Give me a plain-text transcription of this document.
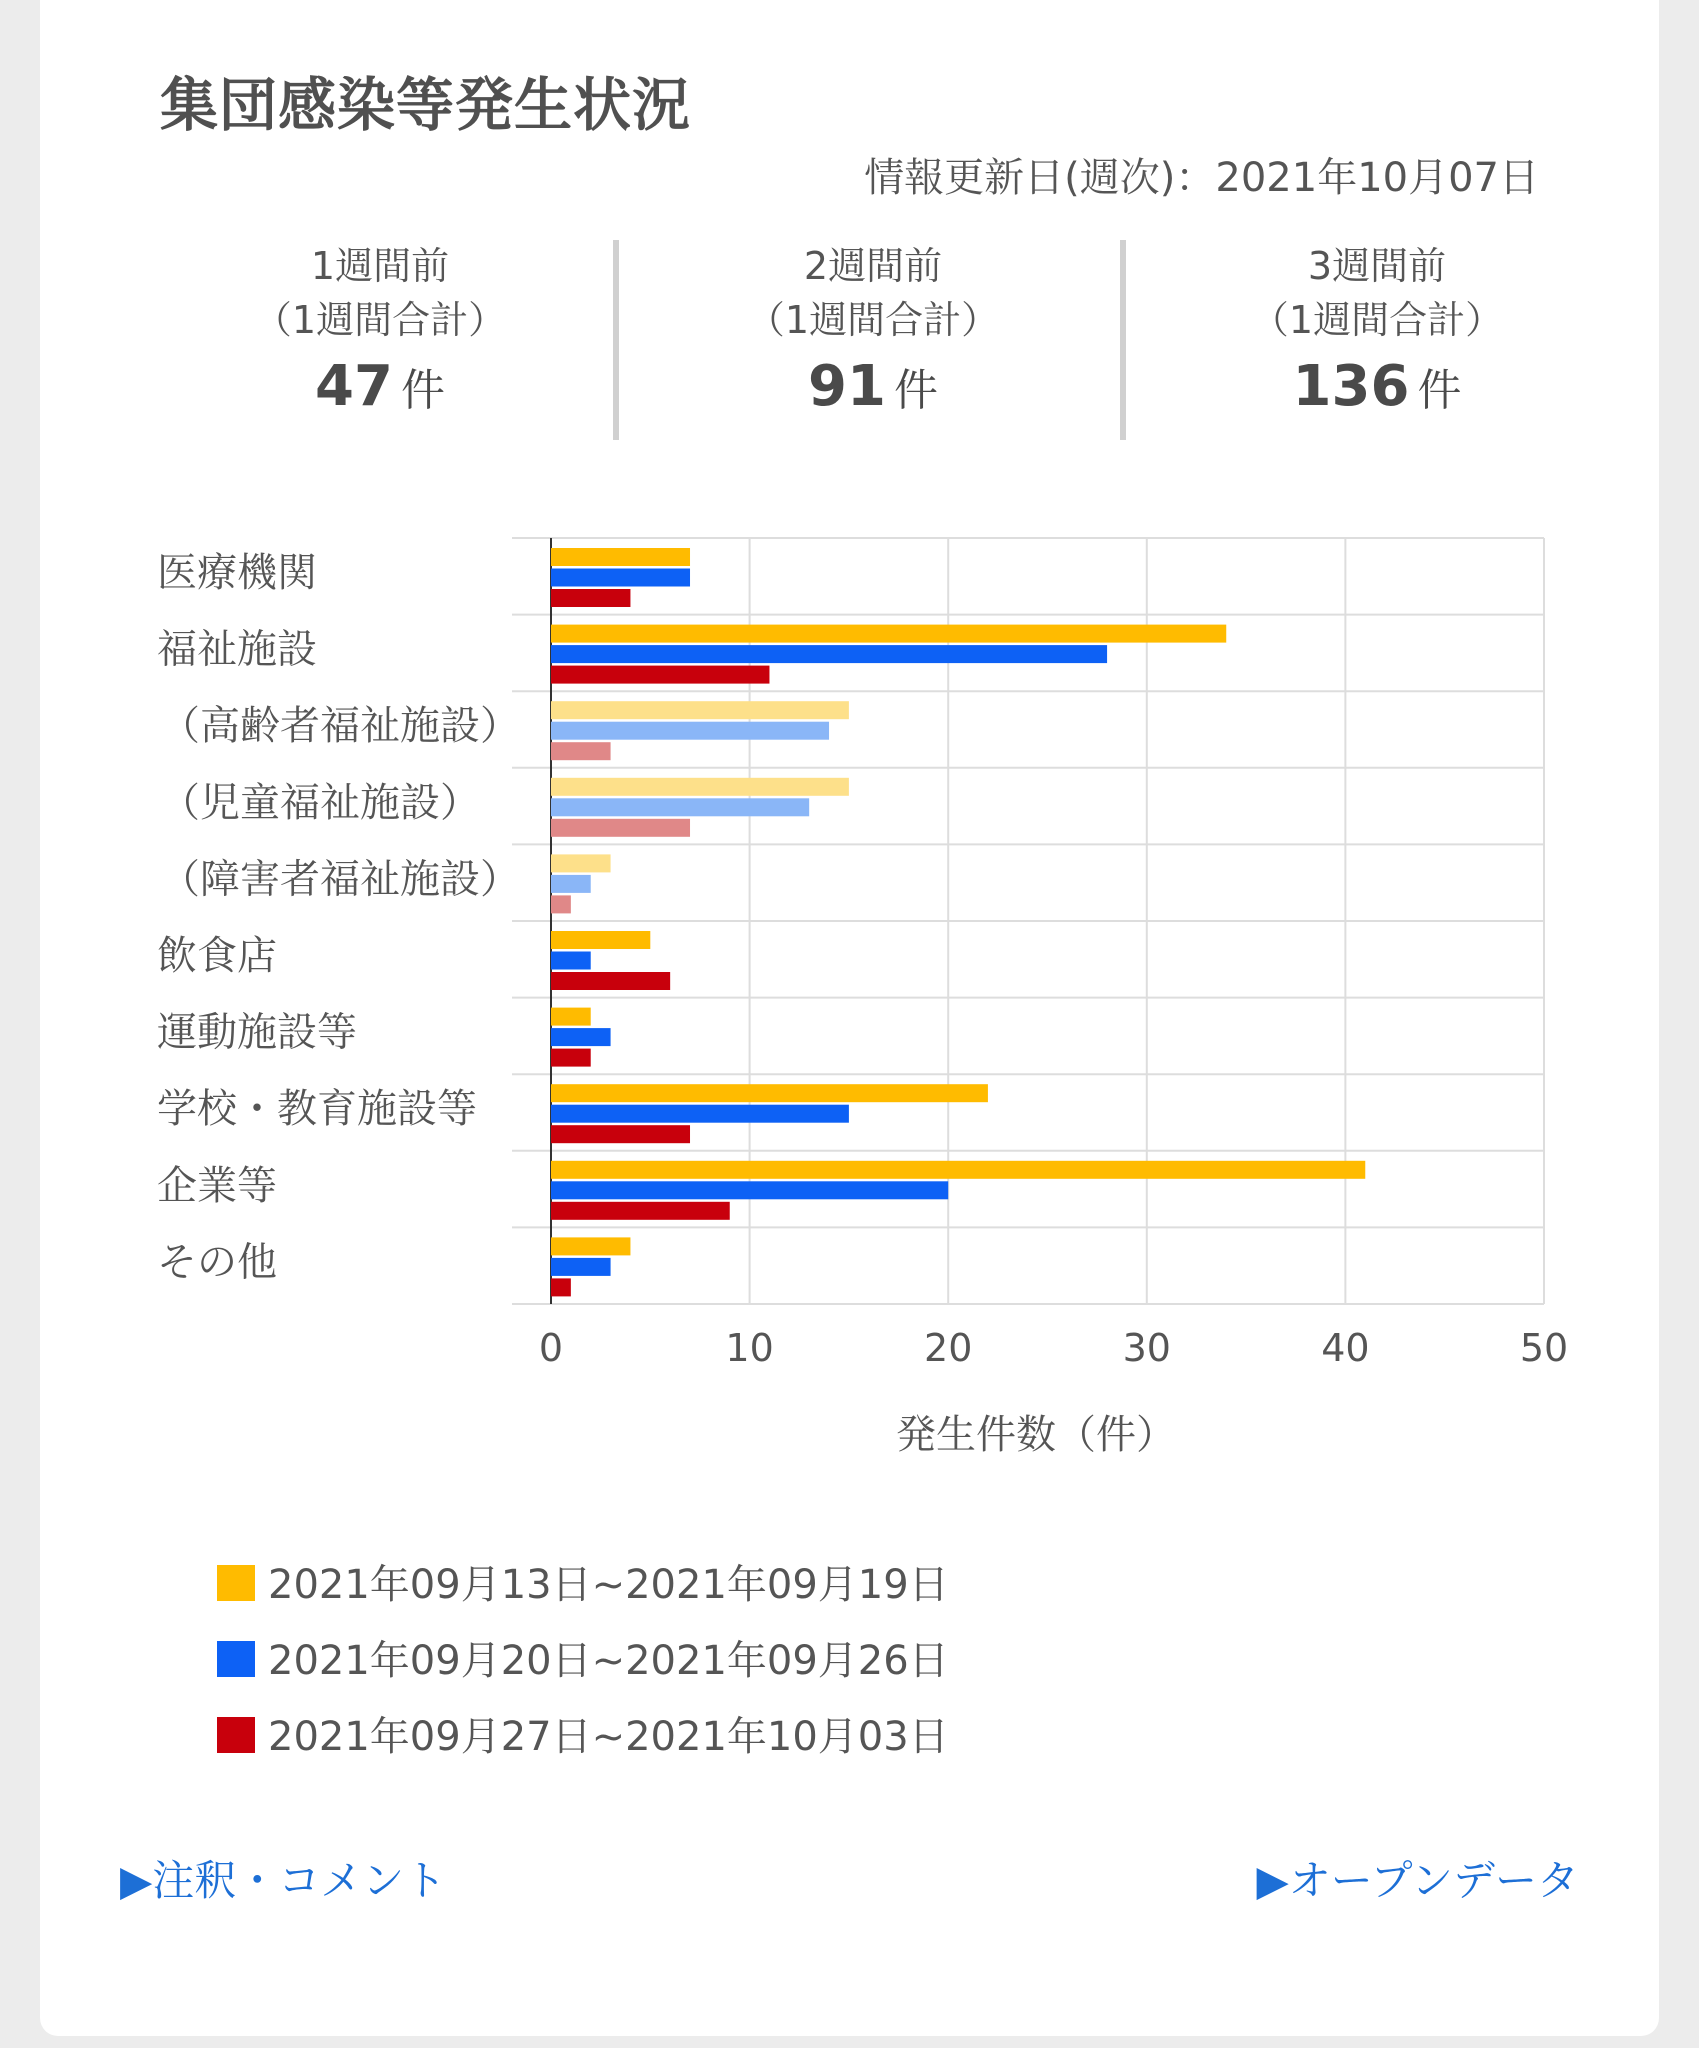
集団感染等発生状況

情報更新日(週次)：2021年10月07日

1週間前
（1週間合計）
47 件
2週間前
（1週間合計）
91 件
3週間前
（1週間合計）
136 件
0	10	20	30	40	50
医療機関
福祉施設
（高齢者福祉施設）
（児童福祉施設）
（障害者福祉施設）
飲食店
運動施設等
学校・教育施設等
企業等
その他
発生件数（件）
2021年09月13日~2021年09月19日
2021年09月20日~2021年09月26日
2021年09月27日~2021年10月03日

▶注釈・コメント	▶オープンデータ
